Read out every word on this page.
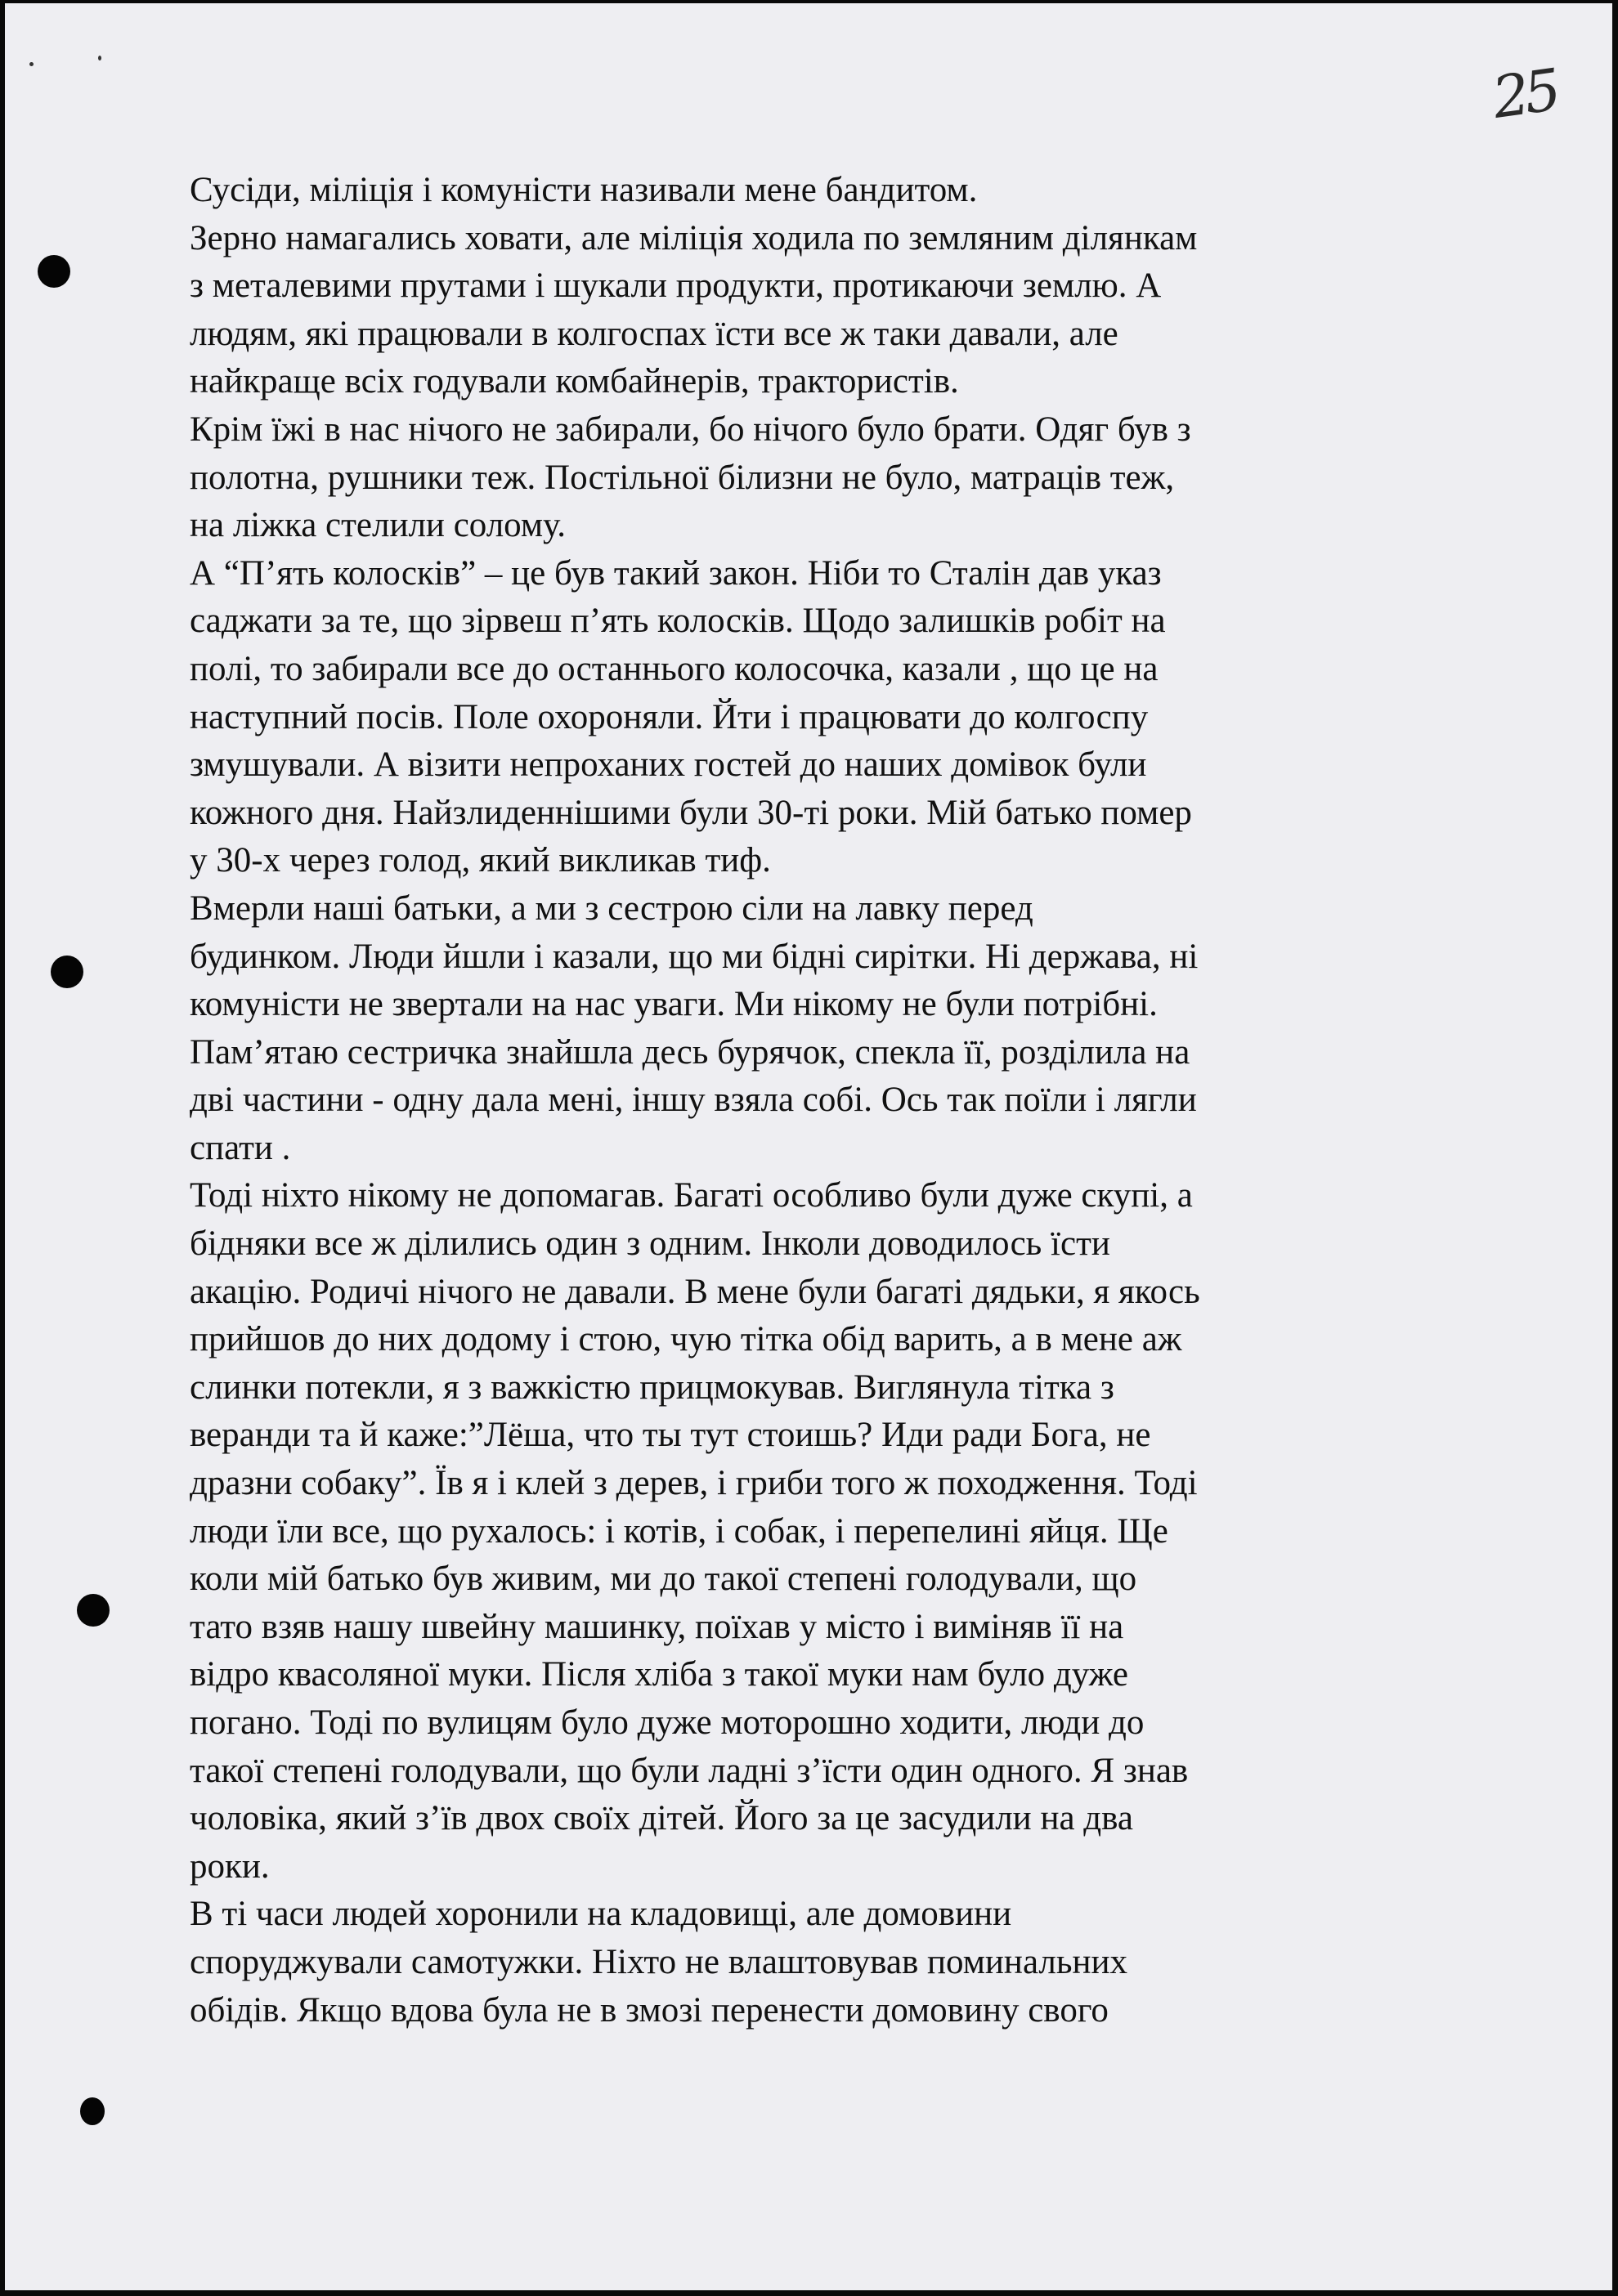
25
Сусіди, міліція і комуністи називали мене бандитом.
Зерно намагались ховати, але міліція ходила по земляним ділянкам
з металевими прутами і шукали продукти, протикаючи землю. А
людям, які працювали в колгоспах їсти все ж таки давали, але
найкраще всіх годували комбайнерів, трактористів.
Крім їжі в нас нічого не забирали, бо нічого було брати. Одяг був з
полотна, рушники теж. Постільної білизни не було, матраців теж,
на ліжка стелили солому.
А “П’ять колосків” – це був такий закон. Ніби то Сталін дав указ
саджати за те, що зірвеш п’ять колосків. Щодо залишків робіт на
полі, то забирали все до останнього колосочка, казали , що це на
наступний посів. Поле охороняли. Йти і працювати до колгоспу
змушували. А візити непроханих гостей до наших домівок були
кожного дня. Найзлиденнішими були 30-ті роки. Мій батько помер
у 30-х через голод, який викликав тиф.
Вмерли наші батьки, а ми з сестрою сіли на лавку перед
будинком. Люди йшли і казали, що ми бідні сирітки. Ні держава, ні
комуністи не звертали на нас уваги. Ми нікому не були потрібні.
Пам’ятаю сестричка знайшла десь бурячок, спекла її, розділила на
дві частини - одну дала мені, іншу взяла собі. Ось так поїли і лягли
спати .
Тоді ніхто нікому не допомагав. Багаті особливо були дуже скупі, а
бідняки все ж ділились один з одним. Інколи доводилось їсти
акацію. Родичі нічого не давали. В мене були багаті дядьки, я якось
прийшов до них додому і стою, чую тітка обід варить, а в мене аж
слинки потекли, я з важкістю прицмокував. Виглянула тітка з
веранди та й каже:”Лёша, что ты тут стоишь? Иди ради Бога, не
дразни собаку”. Їв я і клей з дерев, і гриби того ж походження. Тоді
люди їли все, що рухалось: і котів, і собак, і перепелині яйця. Ще
коли мій батько був живим, ми до такої степені голодували, що
тато взяв нашу швейну машинку, поїхав у місто і виміняв її на
відро квасоляної муки. Після хліба з такої муки нам було дуже
погано. Тоді по вулицям було дуже моторошно ходити, люди до
такої степені голодували, що були ладні з’їсти один одного. Я знав
чоловіка, який з’їв двох своїх дітей. Його за це засудили на два
роки.
В ті часи людей хоронили на кладовищі, але домовини
споруджували самотужки. Ніхто не влаштовував поминальних
обідів. Якщо вдова була не в змозі перенести домовину свого
